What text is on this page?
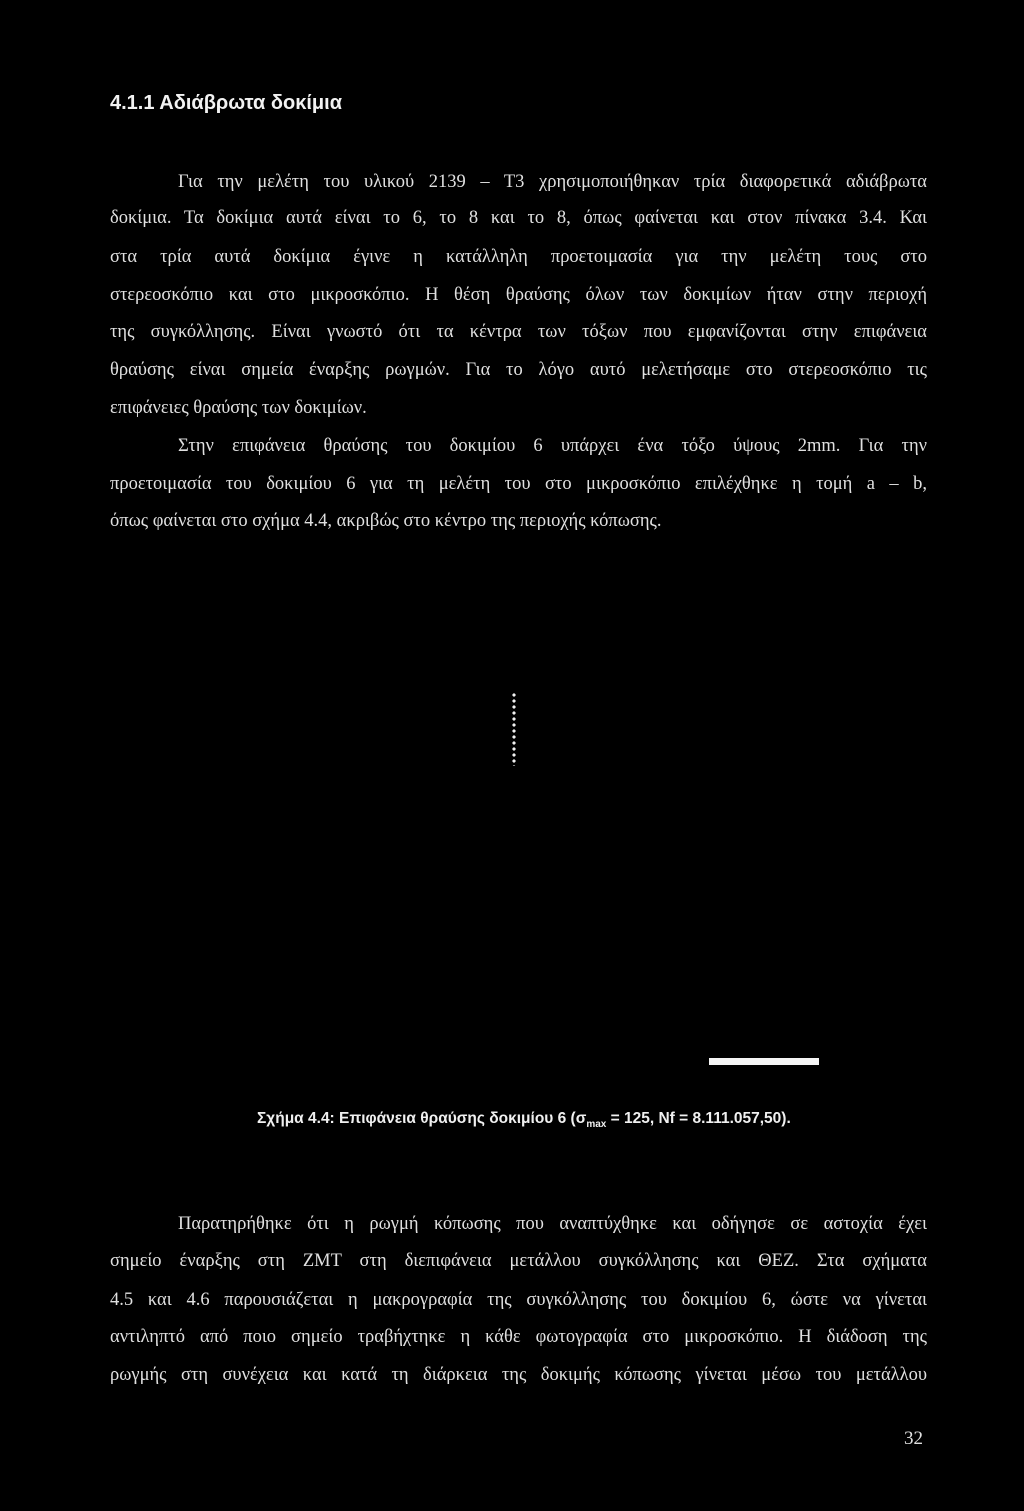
4.1.1 Αδιάβρωτα δοκίμια
Για την μελέτη του υλικού 2139 – Τ3 χρησιμοποιήθηκαν τρία διαφορετικά αδιάβρωτα
δοκίμια. Τα δοκίμια αυτά είναι το 6, το 8 και το 8, όπως φαίνεται και στον πίνακα 3.4. Και
στα τρία αυτά δοκίμια έγινε η κατάλληλη προετοιμασία για την μελέτη τους στο
στερεοσκόπιο και στο μικροσκόπιο. Η θέση θραύσης όλων των δοκιμίων ήταν στην περιοχή
της συγκόλλησης. Είναι γνωστό ότι τα κέντρα των τόξων που εμφανίζονται στην επιφάνεια
θραύσης είναι σημεία έναρξης ρωγμών. Για το λόγο αυτό μελετήσαμε στο στερεοσκόπιο τις
επιφάνειες θραύσης των δοκιμίων.
Στην επιφάνεια θραύσης του δοκιμίου 6 υπάρχει ένα τόξο ύψους 2mm. Για την
προετοιμασία του δοκιμίου 6 για τη μελέτη του στο μικροσκόπιο επιλέχθηκε η τομή a – b,
όπως φαίνεται στο σχήμα 4.4, ακριβώς στο κέντρο της περιοχής κόπωσης.
Σχήμα 4.4: Επιφάνεια θραύσης δοκιμίου 6 ($\sigma_{max} = 125$, Nf = 8.111.057,50).
Παρατηρήθηκε ότι η ρωγμή κόπωσης που αναπτύχθηκε και οδήγησε σε αστοχία έχει
σημείο έναρξης στη ΖΜΤ στη διεπιφάνεια μετάλλου συγκόλλησης και ΘΕΖ. Στα σχήματα
4.5 και 4.6 παρουσιάζεται η μακρογραφία της συγκόλλησης του δοκιμίου 6, ώστε να γίνεται
αντιληπτό από ποιο σημείο τραβήχτηκε η κάθε φωτογραφία στο μικροσκόπιο. Η διάδοση της
ρωγμής στη συνέχεια και κατά τη διάρκεια της δοκιμής κόπωσης γίνεται μέσω του μετάλλου
32
